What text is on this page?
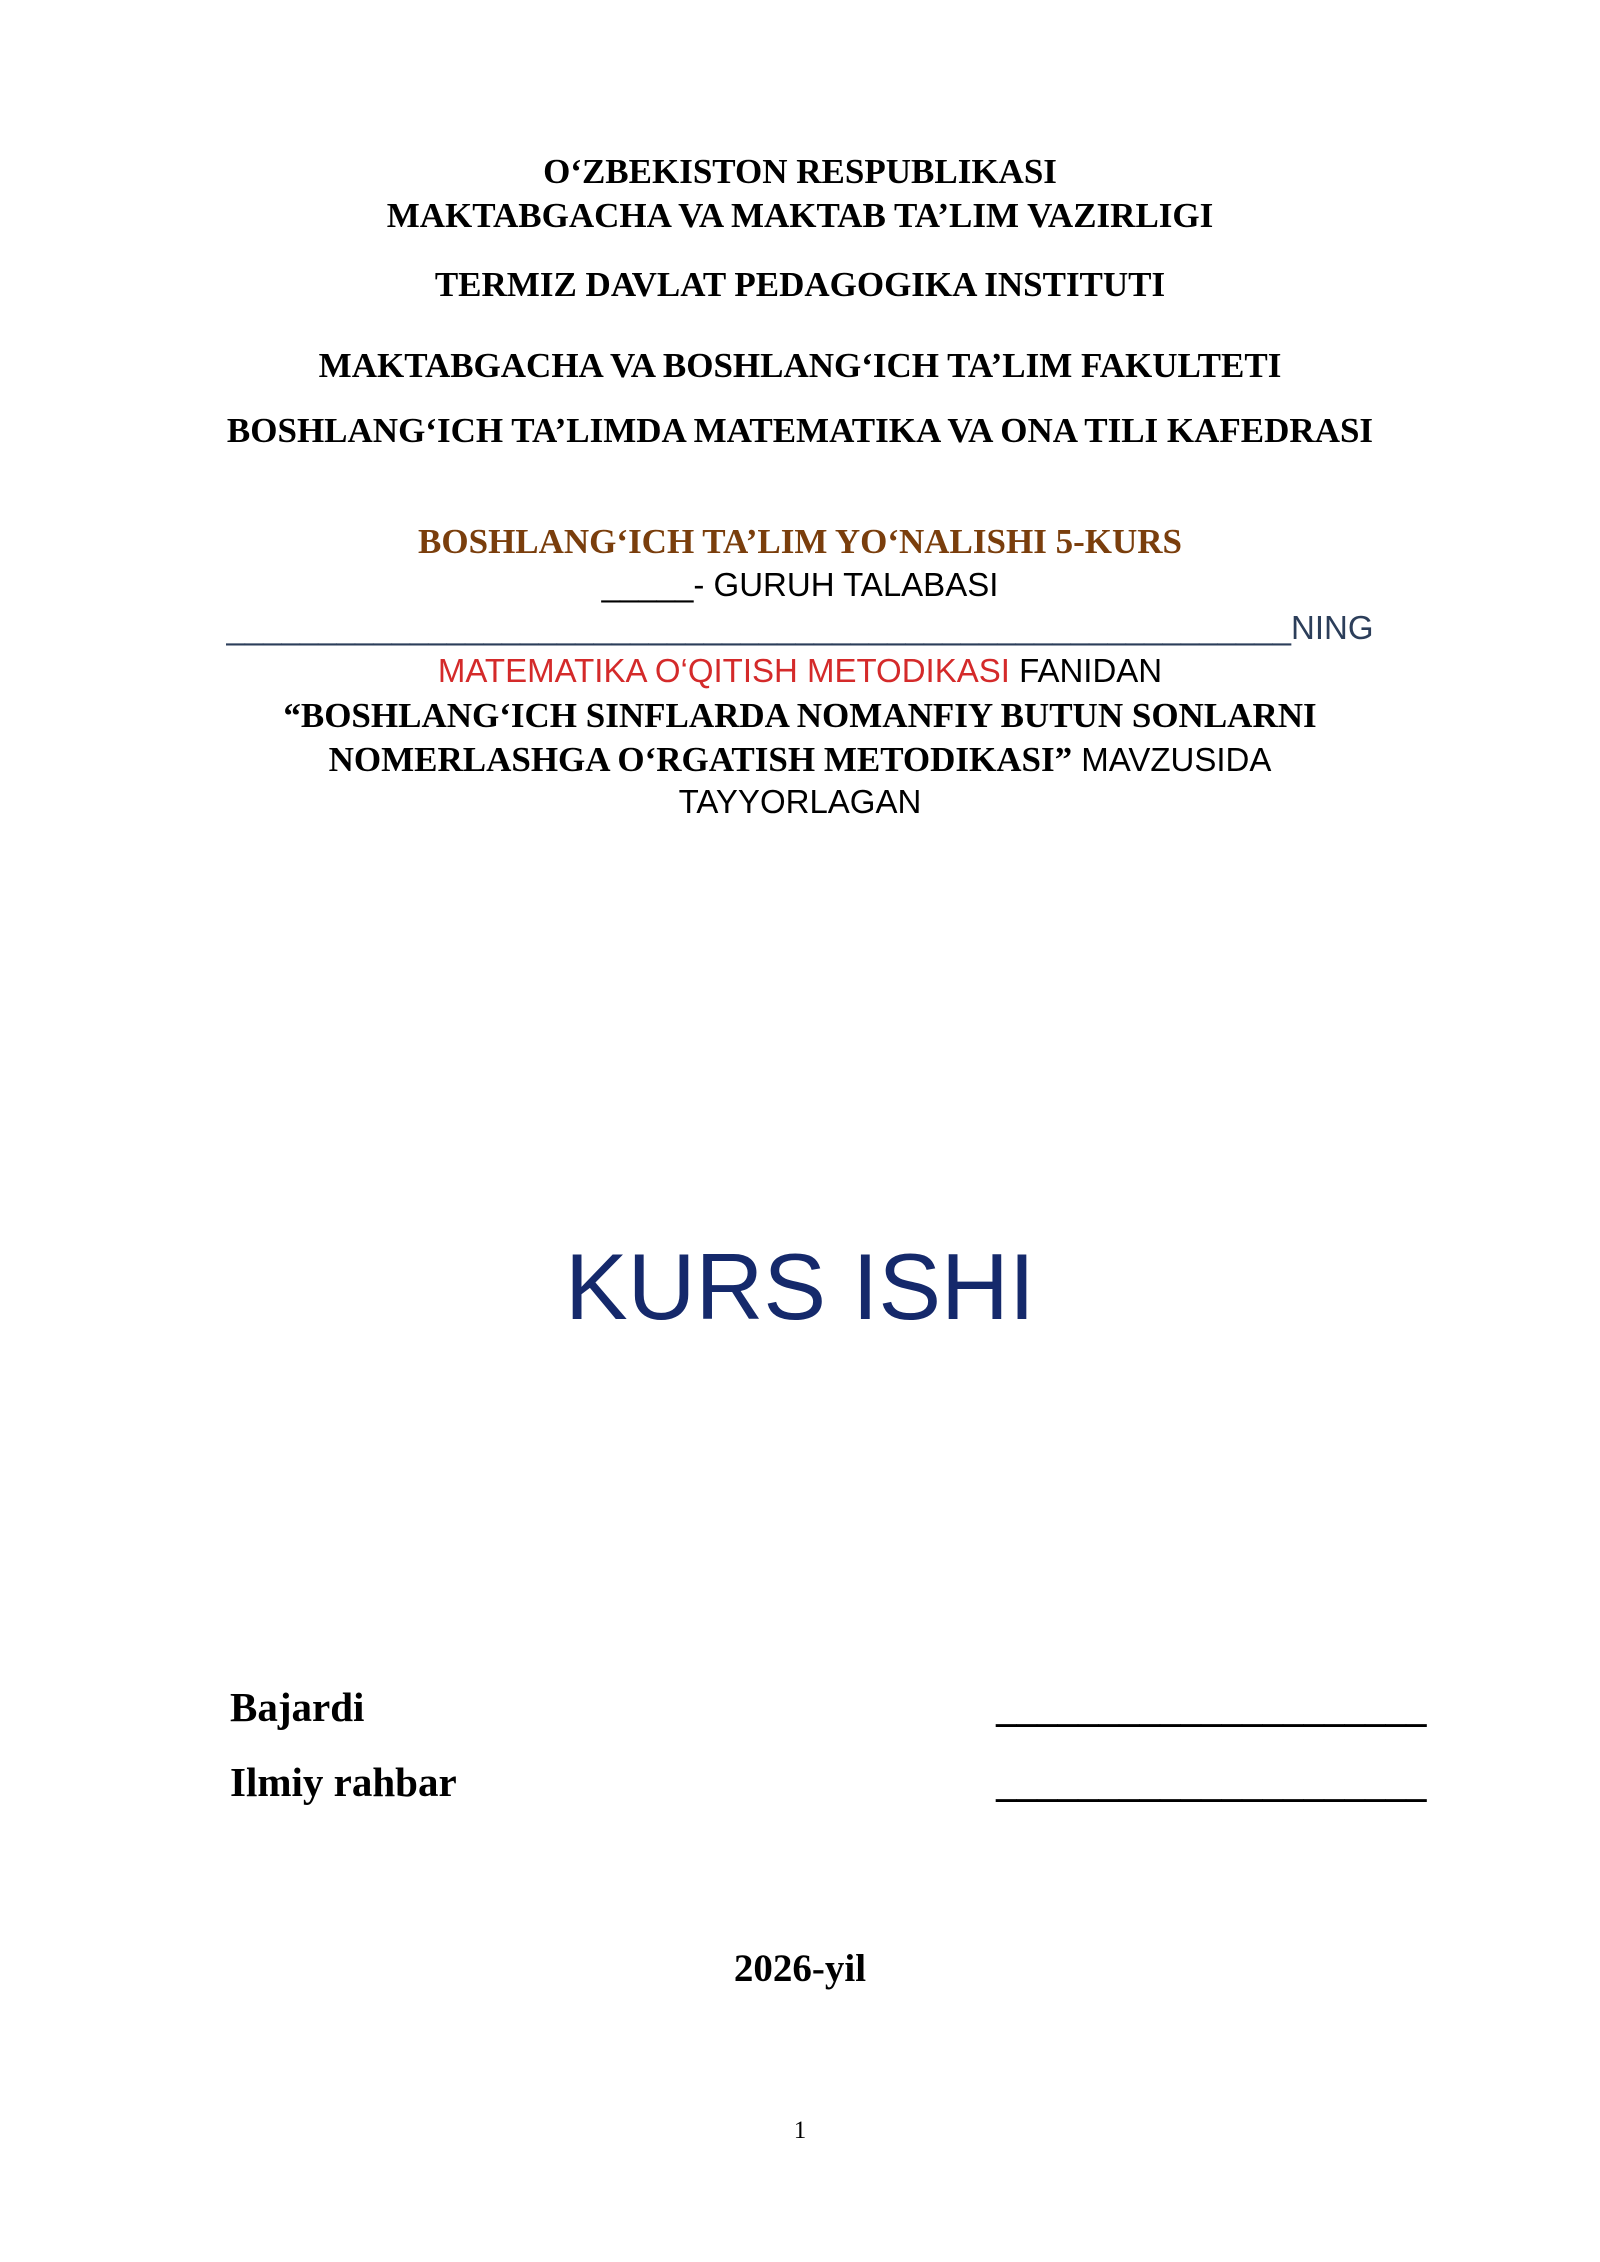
O‘ZBEKISTON RESPUBLIKASI
MAKTABGACHA VA MAKTAB TA’LIM VAZIRLIGI
TERMIZ DAVLAT PEDAGOGIKA INSTITUTI
MAKTABGACHA VA BOSHLANG‘ICH TA’LIM FAKULTETI
BOSHLANG‘ICH TA’LIMDA MATEMATIKA VA ONA TILI KAFEDRASI
BOSHLANG‘ICH TA’LIM YO‘NALISHI 5-KURS
_____- GURUH TALABASI
__________________________________________________________NING
MATEMATIKA O‘QITISH METODIKASI FANIDAN
“BOSHLANG‘ICH SINFLARDA NOMANFIY BUTUN SONLARNI
NOMERLASHGA O‘RGATISH METODIKASI” MAVZUSIDA
TAYYORLAGAN
KURS ISHI
Bajardi	_____________________
Ilmiy rahbar	_____________________
2026-yil
1
